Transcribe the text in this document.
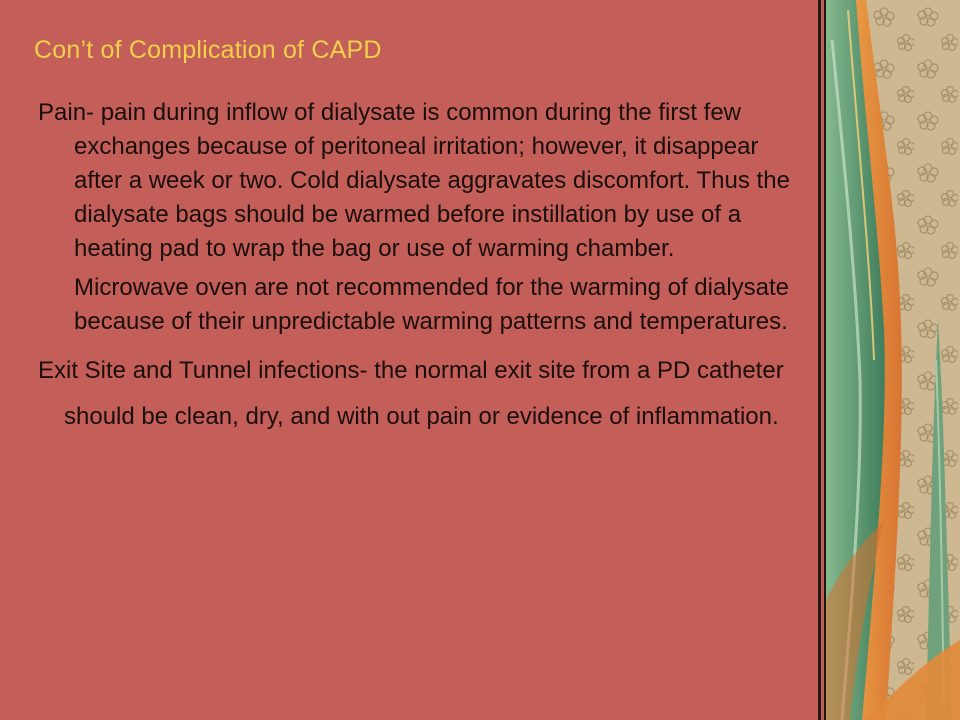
Con’t of Complication of CAPD

Pain- pain during inflow of dialysate is common during the first few exchanges because of peritoneal irritation; however, it disappear after a week or two. Cold dialysate aggravates discomfort. Thus the dialysate bags should be warmed before instillation by use of a heating pad to wrap the bag or use of warming chamber.

Microwave oven are not recommended for the warming of dialysate because of their unpredictable warming patterns and temperatures.

Exit Site and Tunnel infections- the normal exit site from a PD catheter should be clean, dry, and with out pain or evidence of inflammation.
